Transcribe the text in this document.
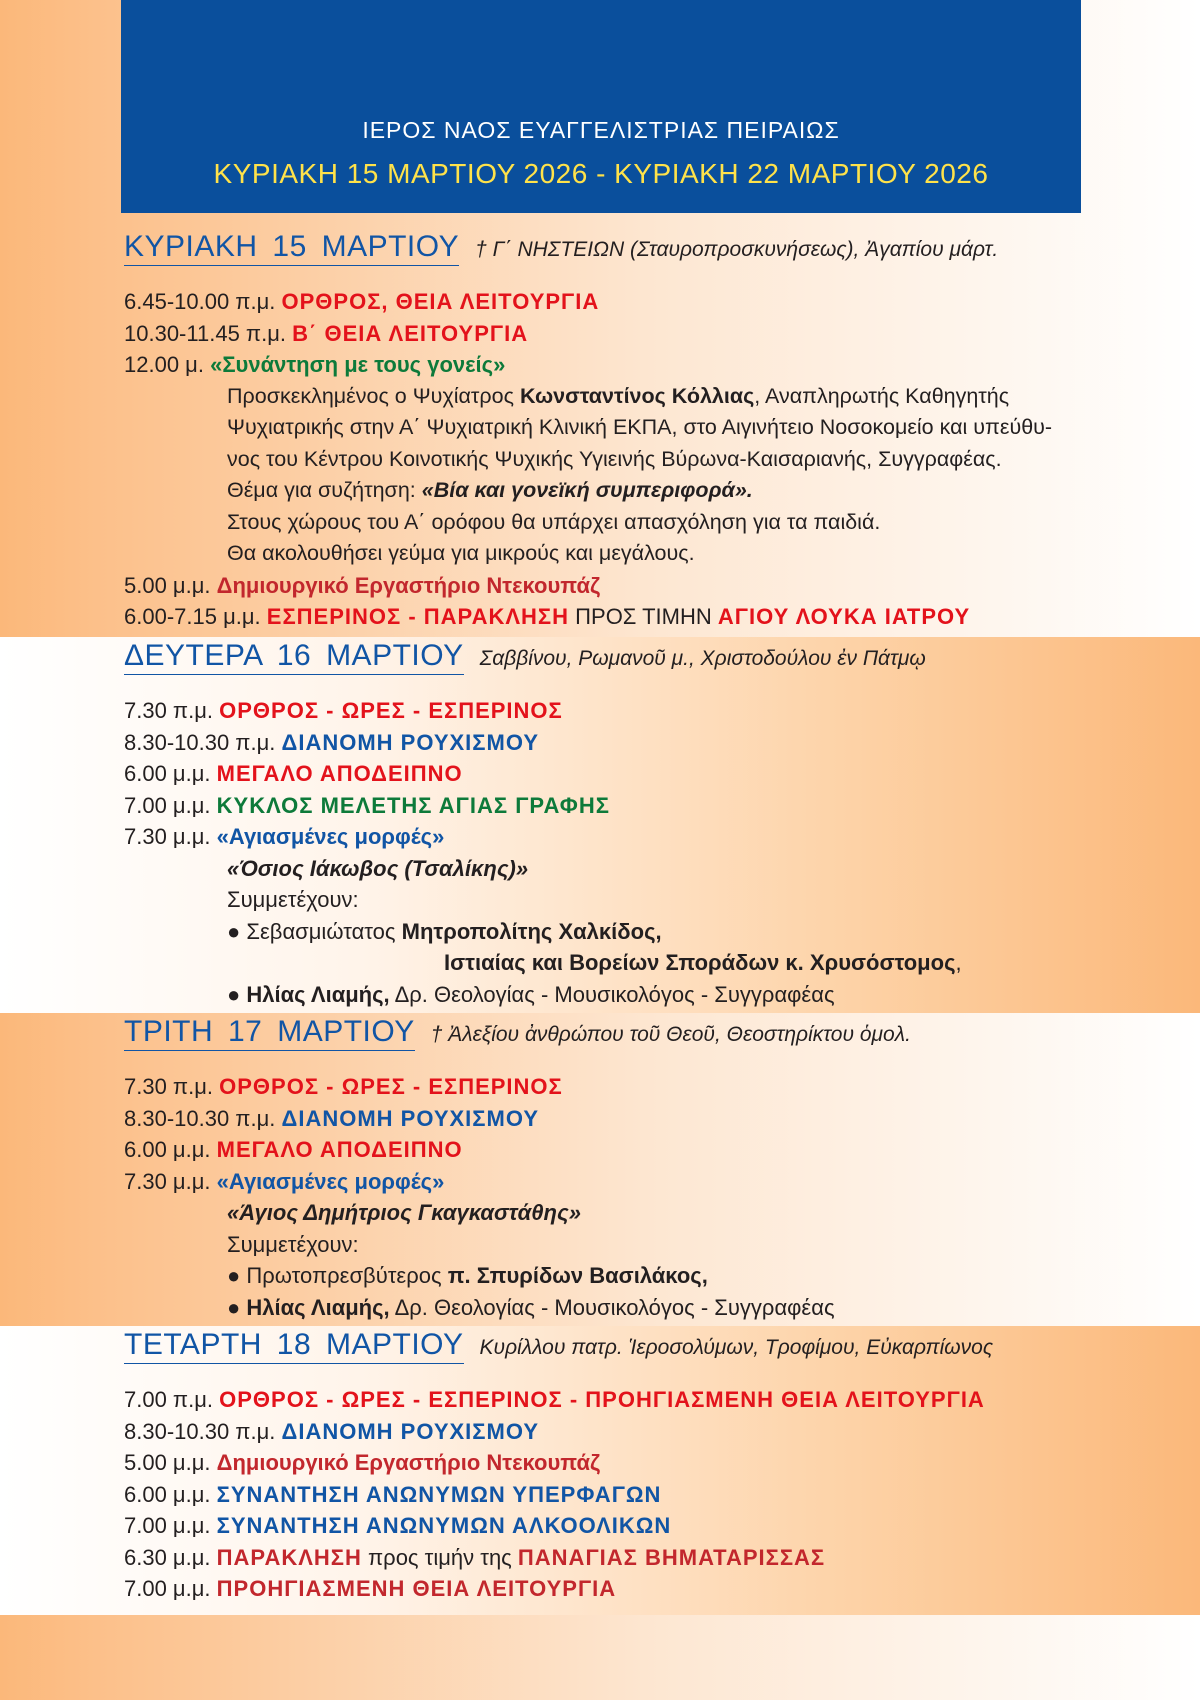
ΙΕΡΟΣ ΝΑΟΣ ΕΥΑΓΓΕΛΙΣΤΡΙΑΣ ΠΕΙΡΑΙΩΣ
ΚΥΡΙΑΚΗ 15 ΜΑΡΤΙΟΥ 2026 - ΚΥΡΙΑΚΗ 22 ΜΑΡΤΙΟΥ 2026
ΚΥΡΙΑΚΗ 15 ΜΑΡΤΙΟΥ † Γ΄ ΝΗΣΤΕΙΩΝ (Σταυροπροσκυνήσεως), Ἀγαπίου μάρτ.
6.45-10.00 π.μ. ΟΡΘΡΟΣ, ΘΕΙΑ ΛΕΙΤΟΥΡΓΙΑ
10.30-11.45 π.μ. Β΄ ΘΕΙΑ ΛΕΙΤΟΥΡΓΙΑ
12.00 μ. «Συνάντηση με τους γονείς»
Προσκεκλημένος ο Ψυχίατρος Κωνσταντίνος Κόλλιας, Αναπληρωτής Καθηγητής
Ψυχιατρικής στην Α΄ Ψυχιατρική Κλινική ΕΚΠΑ, στο Αιγινήτειο Νοσοκομείο και υπεύθυ-
νος του Κέντρου Κοινοτικής Ψυχικής Υγιεινής Βύρωνα-Καισαριανής, Συγγραφέας.
Θέμα για συζήτηση: «Βία και γονεϊκή συμπεριφορά».
Στους χώρους του Α΄ ορόφου θα υπάρχει απασχόληση για τα παιδιά.
Θα ακολουθήσει γεύμα για μικρούς και μεγάλους.
5.00 μ.μ. Δημιουργικό Εργαστήριο Ντεκουπάζ
6.00-7.15 μ.μ. ΕΣΠΕΡΙΝΟΣ - ΠΑΡΑΚΛΗΣΗ ΠΡΟΣ ΤΙΜΗΝ ΑΓΙΟΥ ΛΟΥΚΑ ΙΑΤΡΟΥ
ΔΕΥΤΕΡΑ 16 ΜΑΡΤΙΟΥ Σαββίνου, Ρωμανοῦ μ., Χριστοδούλου ἐν Πάτμῳ
7.30 π.μ. ΟΡΘΡΟΣ - ΩΡΕΣ - ΕΣΠΕΡΙΝΟΣ
8.30-10.30 π.μ. ΔΙΑΝΟΜΗ ΡΟΥΧΙΣΜΟΥ
6.00 μ.μ. ΜΕΓΑΛΟ ΑΠΟΔΕΙΠΝΟ
7.00 μ.μ. ΚΥΚΛΟΣ ΜΕΛΕΤΗΣ ΑΓΙΑΣ ΓΡΑΦΗΣ
7.30 μ.μ. «Αγιασμένες μορφές»
«Όσιος Ιάκωβος (Τσαλίκης)»
Συμμετέχουν:
● Σεβασμιώτατος Μητροπολίτης Χαλκίδος,
Ιστιαίας και Βορείων Σποράδων κ. Χρυσόστομος,
● Ηλίας Λιαμής, Δρ. Θεολογίας - Μουσικολόγος - Συγγραφέας
ΤΡΙΤΗ 17 ΜΑΡΤΙΟΥ † Ἀλεξίου ἀνθρώπου τοῦ Θεοῦ, Θεοστηρίκτου ὁμολ.
7.30 π.μ. ΟΡΘΡΟΣ - ΩΡΕΣ - ΕΣΠΕΡΙΝΟΣ
8.30-10.30 π.μ. ΔΙΑΝΟΜΗ ΡΟΥΧΙΣΜΟΥ
6.00 μ.μ. ΜΕΓΑΛΟ ΑΠΟΔΕΙΠΝΟ
7.30 μ.μ. «Αγιασμένες μορφές»
«Άγιος Δημήτριος Γκαγκαστάθης»
Συμμετέχουν:
● Πρωτοπρεσβύτερος π. Σπυρίδων Βασιλάκος,
● Ηλίας Λιαμής, Δρ. Θεολογίας - Μουσικολόγος - Συγγραφέας
ΤΕΤΑΡΤΗ 18 ΜΑΡΤΙΟΥ Κυρίλλου πατρ. Ἱεροσολύμων, Τροφίμου, Εὐκαρπίωνος
7.00 π.μ. ΟΡΘΡΟΣ - ΩΡΕΣ - ΕΣΠΕΡΙΝΟΣ - ΠΡΟΗΓΙΑΣΜΕΝΗ ΘΕΙΑ ΛΕΙΤΟΥΡΓΙΑ
8.30-10.30 π.μ. ΔΙΑΝΟΜΗ ΡΟΥΧΙΣΜΟΥ
5.00 μ.μ. Δημιουργικό Εργαστήριο Ντεκουπάζ
6.00 μ.μ. ΣΥΝΑΝΤΗΣΗ ΑΝΩΝΥΜΩΝ ΥΠΕΡΦΑΓΩΝ
7.00 μ.μ. ΣΥΝΑΝΤΗΣΗ ΑΝΩΝΥΜΩΝ ΑΛΚΟΟΛΙΚΩΝ
6.30 μ.μ. ΠΑΡΑΚΛΗΣΗ προς τιμήν της ΠΑΝΑΓΙΑΣ ΒΗΜΑΤΑΡΙΣΣΑΣ
7.00 μ.μ. ΠΡΟΗΓΙΑΣΜΕΝΗ ΘΕΙΑ ΛΕΙΤΟΥΡΓΙΑ
